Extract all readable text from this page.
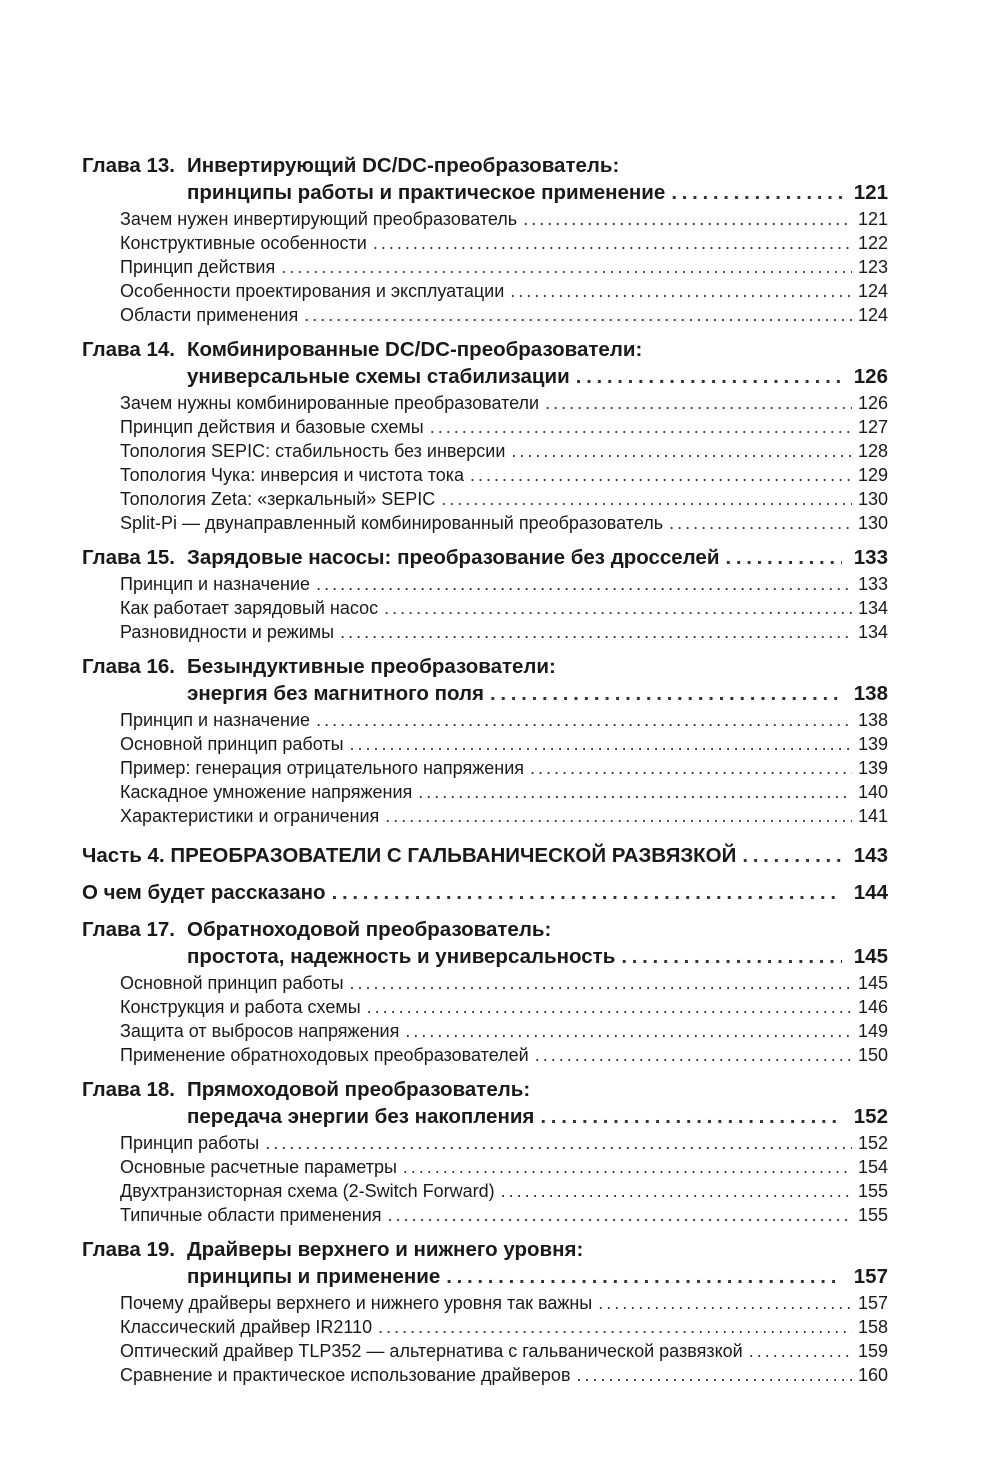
Глава 13. Инвертирующий DC/DC-преобразователь:
принципы работы и практическое применение . . .	121
Зачем нужен инвертирующий преобразователь . . .	121
Конструктивные особенности . . .	122
Принцип действия . . .	123
Особенности проектирования и эксплуатации . . .	124
Области применения . . .	124
Глава 14. Комбинированные DC/DC-преобразователи:
универсальные схемы стабилизации . . .	126
Зачем нужны комбинированные преобразователи . . .	126
Принцип действия и базовые схемы . . .	127
Топология SEPIC: стабильность без инверсии . . .	128
Топология Чука: инверсия и чистота тока . . .	129
Топология Zeta: «зеркальный» SEPIC . . .	130
Split-Pi — двунаправленный комбинированный преобразователь . . .	130
Глава 15. Зарядовые насосы: преобразование без дросселей . . .	133
Принцип и назначение . . .	133
Как работает зарядовый насос . . .	134
Разновидности и режимы . . .	134
Глава 16. Безындуктивные преобразователи:
энергия без магнитного поля . . .	138
Принцип и назначение . . .	138
Основной принцип работы . . .	139
Пример: генерация отрицательного напряжения . . .	139
Каскадное умножение напряжения . . .	140
Характеристики и ограничения . . .	141
Часть 4. ПРЕОБРАЗОВАТЕЛИ С ГАЛЬВАНИЧЕСКОЙ РАЗВЯЗКОЙ . . .	143
О чем будет рассказано . . .	144
Глава 17. Обратноходовой преобразователь:
простота, надежность и универсальность . . .	145
Основной принцип работы . . .	145
Конструкция и работа схемы . . .	146
Защита от выбросов напряжения . . .	149
Применение обратноходовых преобразователей . . .	150
Глава 18. Прямоходовой преобразователь:
передача энергии без накопления . . .	152
Принцип работы . . .	152
Основные расчетные параметры . . .	154
Двухтранзисторная схема (2-Switch Forward) . . .	155
Типичные области применения . . .	155
Глава 19. Драйверы верхнего и нижнего уровня:
принципы и применение . . .	157
Почему драйверы верхнего и нижнего уровня так важны . . .	157
Классический драйвер IR2110 . . .	158
Оптический драйвер TLP352 — альтернатива с гальванической развязкой . . .	159
Сравнение и практическое использование драйверов . . .	160
